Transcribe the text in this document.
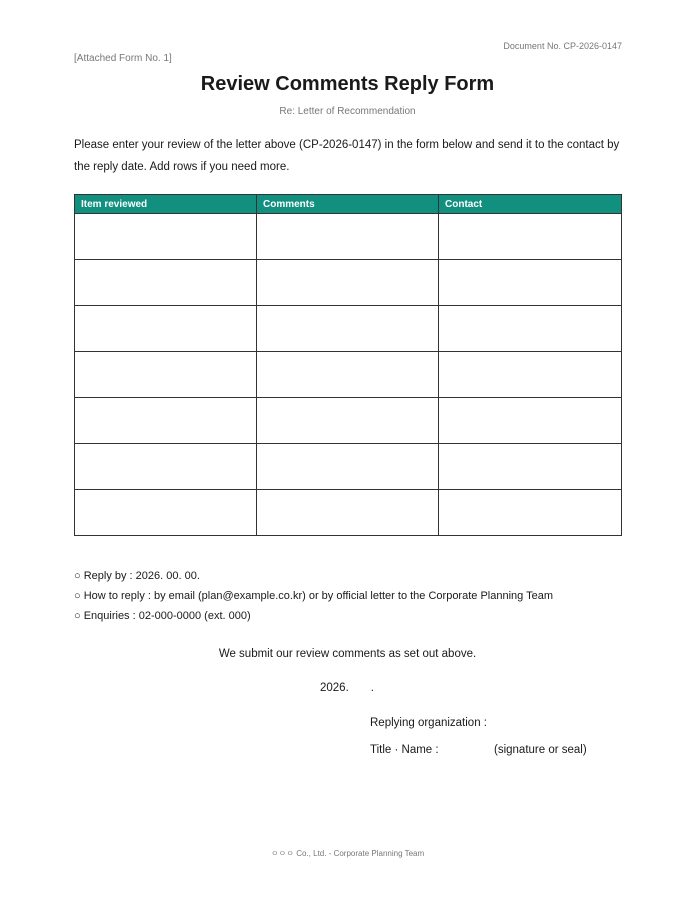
Document No. CP-2026-0147
[Attached Form No. 1]
Review Comments Reply Form
Re: Letter of Recommendation
Please enter your review of the letter above (CP-2026-0147) in the form below and send it to the contact by the reply date. Add rows if you need more.
Item reviewed	Comments	Contact

○ Reply by : 2026. 00. 00.
○ How to reply : by email (plan@example.co.kr) or by official letter to the Corporate Planning Team
○ Enquiries : 02-000-0000 (ext. 000)
We submit our review comments as set out above.
2026. .
Replying organization :
Title · Name :	(signature or seal)
ㅇㅇㅇ Co., Ltd. - Corporate Planning Team
